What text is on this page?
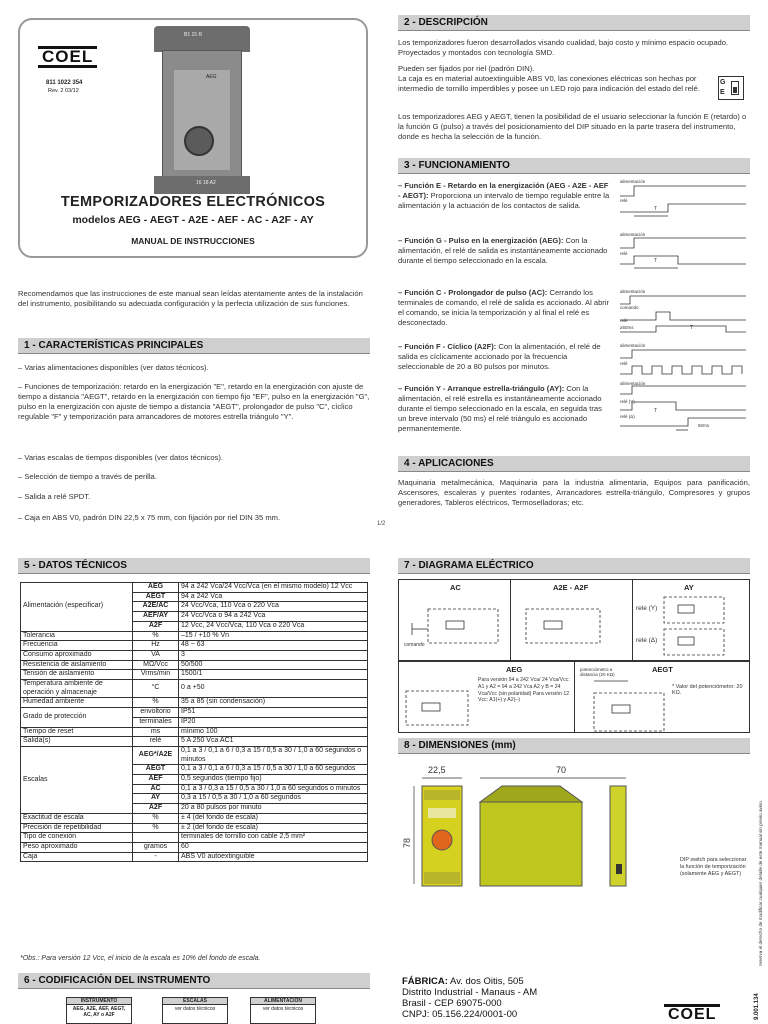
COEL
811 1022 354
Rev. 2 03/12
B1 15 R
AEG
16 18 A2
TEMPORIZADORES ELECTRÓNICOS
modelos AEG - AEGT - A2E - AEF - AC - A2F - AY
MANUAL DE INSTRUCCIONES
Recomendamos que las instrucciones de este manual sean leídas atentamente antes de la instalación del instrumento, posibilitando su adecuada configuración y la perfecta utilización de sus funciones.
1 - CARACTERÍSTICAS PRINCIPALES
– Varias alimentaciones disponibles (ver datos técnicos).
– Funciones de temporización: retardo en la energización "E", retardo en la energización con ajuste de tiempo a distancia "AEGT", retardo en la energización con tiempo fijo "EF", pulso en la energización "G", pulso en la energización con ajuste de tiempo a distancia "AEGT", prolongador de pulso "C", cíclico regulable "F" y temporización para arrancadores de motores estrella triángulo "Y".
– Varias escalas de tiempos disponibles (ver datos técnicos).
– Selección de tiempo a través de perilla.
– Salida a relé SPDT.
– Caja en ABS V0, padrón DIN 22,5 x 75 mm, con fijación por riel DIN 35 mm.
2 - DESCRIPCIÓN
Los temporizadores fueron desarrollados visando cualidad, bajo costo y mínimo espacio ocupado. Proyectados y montados con tecnología SMD.
Pueden ser fijados por riel (padrón DIN).
La caja es en material autoextinguible ABS V0, las conexiones eléctricas son hechas por intermedio de tornillo imperdibles y posee un LED rojo para indicación del estado del relé.
G
E
Los temporizadores AEG y AEGT, tienen la posibilidad de el usuario seleccionar la función E (retardo) o la función G (pulso) a través del posicionamiento del DIP situado en la parte trasera del instrumento, donde es hecha la selección de la función.
3 - FUNCIONAMIENTO
– Función E - Retardo en la energización (AEG - A2E - AEF - AEGT): Proporciona un intervalo de tiempo regulable entre la alimentación y la actuación de los contactos de salida.
– Función G - Pulso en la energización (AEG): Con la alimentación, el relé de salida es instantáneamente accionado durante el tiempo seleccionado en la escala.
– Función C - Prolongador de pulso (AC): Cerrando los terminales de comando, el relé de salida es accionado. Al abrir el comando, se inicia la temporización y al final el relé es desconectado.
– Función F - Cíclico (A2F): Con la alimentación, el relé de salida es cíclicamente accionado por la frecuencia seleccionable de 20 a 80 pulsos por minutos.
– Función Y - Arranque estrella-triángulo (AY): Con la alimentación, el relé estrella es instantáneamente accionado durante el tiempo seleccionado en la escala, en seguida tras un breve intervalo (50 ms) el relé triángulo es accionado permanentemente.
alimentación
relé
T
alimentación
relé
T
alimentación
comando
relé
≥50ms	T
alimentación
relé
alimentación
relé (Y)
relé (Δ)
T
50ms
4 - APLICACIONES
Maquinaria metalmecánica, Maquinaria para la industria alimentaria, Equipos para panificación, Ascensores, escaleras y puentes rodantes, Arrancadores estrella-triángulo, Compresores y grupos generadores, Tableros eléctricos, Termoselladoras; etc.
1/2
5 - DATOS TÉCNICOS
Alimentación (especificar)	AEG	94 a 242 Vca/24 Vcc/Vca (en el mismo modelo) 12 Vcc
	AEGT	94 a 242 Vca
	A2E/AC	24 Vcc/Vca, 110 Vca o 220 Vca
	AEF/AY	24 Vcc/Vca o 94 a 242 Vca
	A2F	12 Vcc, 24 Vcc/Vca, 110 Vca o 220 Vca
Tolerancia	%	–15 / +10 % Vn
Frecuencia	Hz	48 ~ 63
Consumo aproximado	VA	3
Resistencia de aislamiento	MΩ/Vcc	50/500
Tensión de aislamiento	Vrms/min	1500/1
Temperatura ambiente de operación y almacenaje	°C	0 a +50
Humedad ambiente	%	35 a 85 (sin condensación)
Grado de protección	envoltorio	IP51
	terminales	IP20
Tiempo de reset	ms	mínimo 100
Salida(s)	relé	5 A 250 Vca AC1
Escalas	AEG*/A2E	0,1 a 3 / 0,1 a 6 / 0,3 a 15 / 0,5 a 30 / 1,0 a 60 segundos o minutos
	AEGT	0,1 a 3 / 0,1 a 6 / 0,3 a 15 / 0,5 a 30 / 1,0 a 60 segundos
	AEF	0,5 segundos (tiempo fijo)
	AC	0,1 a 3 / 0,3 a 15 / 0,5 a 30 / 1,0 a 60 segundos o minutos
	AY	0,3 a 15 / 0,5 a 30 / 1,0 a 60 segundos
	A2F	20 a 80 pulsos por minuto
Exactitud de escala	%	± 4 (del fondo de escala)
Precisión de repetibilidad	%	± 2 (del fondo de escala)
Tipo de conexión		terminales de tornillo con cable 2,5 mm²
Peso aproximado	gramos	60
Caja	-	ABS V0 autoextinguible
*Obs.: Para versión 12 Vcc, el inicio de la escala es 10% del fondo de escala.
6 - CODIFICACIÓN DEL INSTRUMENTO
INSTRUMENTO
AEG, A2E, AEF, AEGT, AC, AY o A2F
ESCALAS
ver datos técnicos
ALIMENTACIÓN
ver datos técnicos
7 - DIAGRAMA ELÉCTRICO
AC	A2E - A2F	AY
comando
rele (Y)
rele (Δ)
AEG	AEGT
Para versión 94 a 242 Vca/ 24 Vca/Vcc: A1 y A2 = 94 a 242 Vca A2 y B = 24 Vca/Vcc (sin polaridad) Para versión 12 Vcc: A1(+) y A2(–)
potenciómetro a distancia (20 KΩ)
* Valor del potenciómetro: 20 KΩ.
8 - DIMENSIONES (mm)
22,5	70
78
DIP switch para seleccionar la función de temporización (solamente AEG y AEGT)
FÁBRICA: Av. dos Oitis, 505
Distrito Industrial - Manaus - AM
Brasil - CEP 69075-000
CNPJ: 05.156.224/0001-00	COEL	9.001.134
reserva el derecho de modificar cualquier detalle de este manual sin previo aviso.
